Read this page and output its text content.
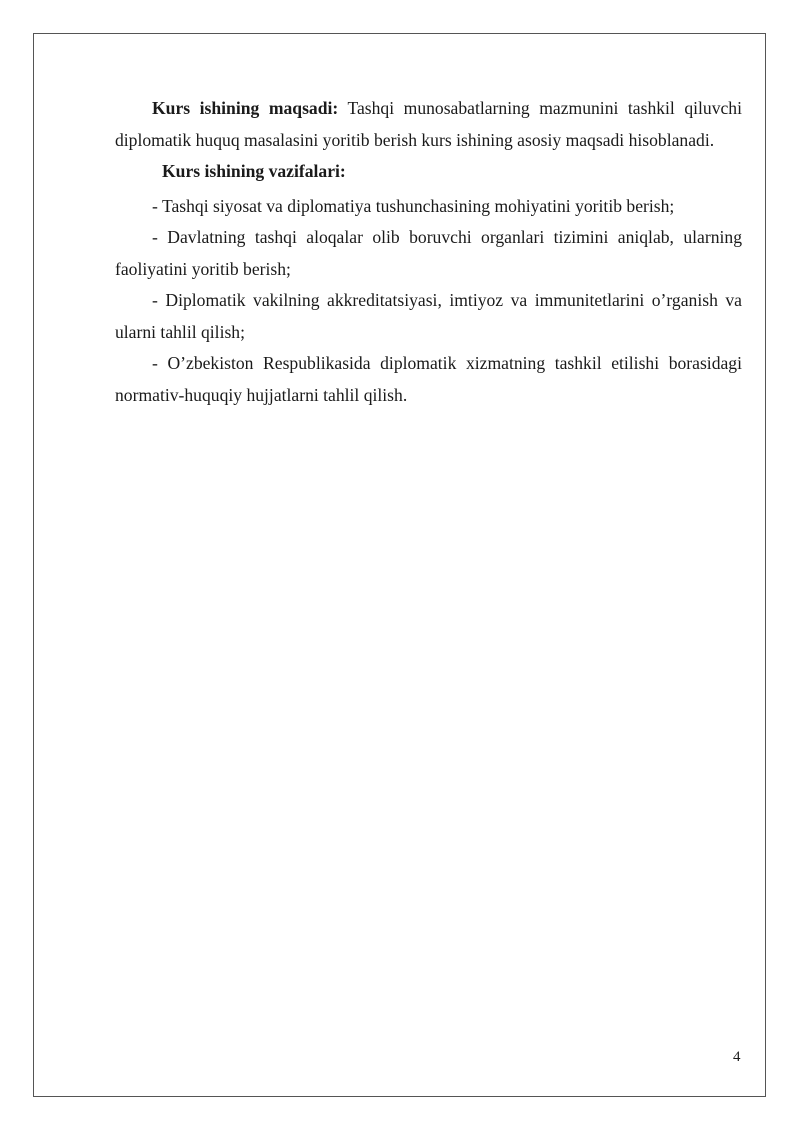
Kurs ishining maqsadi: Tashqi munosabatlarning mazmunini tashkil qiluvchi diplomatik huquq masalasini yoritib berish kurs ishining asosiy maqsadi hisoblanadi.

Kurs ishining vazifalari:

- Tashqi siyosat va diplomatiya tushunchasining mohiyatini yoritib berish;

- Davlatning tashqi aloqalar olib boruvchi organlari tizimini aniqlab, ularning faoliyatini yoritib berish;

- Diplomatik vakilning akkreditatsiyasi, imtiyoz va immunitetlarini o’rganish va ularni tahlil qilish;

- O’zbekiston Respublikasida diplomatik xizmatning tashkil etilishi borasidagi normativ-huquqiy hujjatlarni tahlil qilish.

4
